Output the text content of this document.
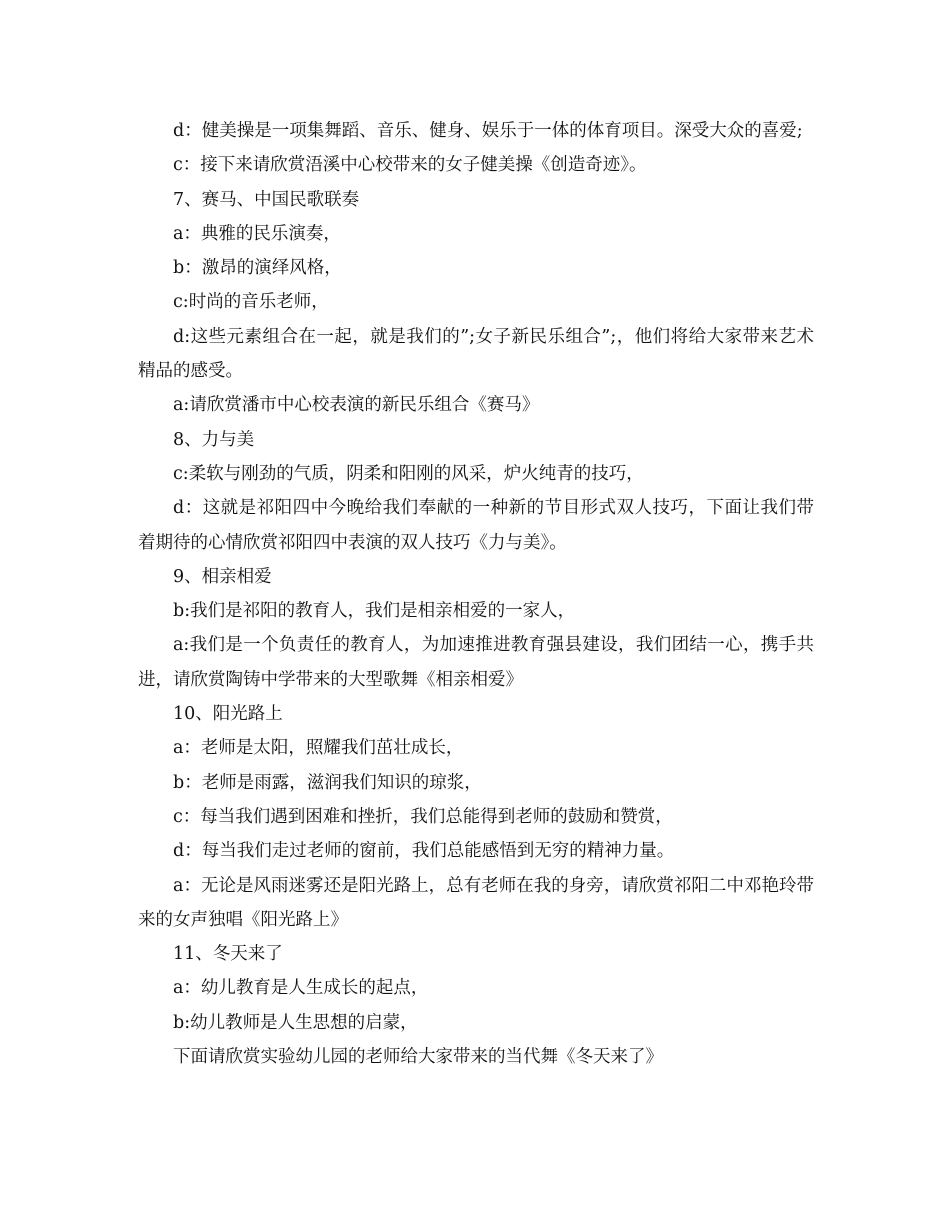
d：健美操是一项集舞蹈、音乐、健身、娱乐于一体的体育项目。深受大众的喜爱;

c：接下来请欣赏浯溪中心校带来的女子健美操《创造奇迹》。

7、赛马、中国民歌联奏

a：典雅的民乐演奏，

b：激昂的演绎风格，

c:时尚的音乐老师，

d:这些元素组合在一起，就是我们的”;女子新民乐组合”;，他们将给大家带来艺术精品的感受。

a:请欣赏潘市中心校表演的新民乐组合《赛马》

8、力与美

c:柔软与刚劲的气质，阴柔和阳刚的风采，炉火纯青的技巧，

d：这就是祁阳四中今晚给我们奉献的一种新的节目形式双人技巧，下面让我们带着期待的心情欣赏祁阳四中表演的双人技巧《力与美》。

9、相亲相爱

b:我们是祁阳的教育人，我们是相亲相爱的一家人，

a:我们是一个负责任的教育人，为加速推进教育强县建设，我们团结一心，携手共进，请欣赏陶铸中学带来的大型歌舞《相亲相爱》

10、阳光路上

a：老师是太阳，照耀我们茁壮成长，

b：老师是雨露，滋润我们知识的琼浆，

c：每当我们遇到困难和挫折，我们总能得到老师的鼓励和赞赏，

d：每当我们走过老师的窗前，我们总能感悟到无穷的精神力量。

a：无论是风雨迷雾还是阳光路上，总有老师在我的身旁，请欣赏祁阳二中邓艳玲带来的女声独唱《阳光路上》

11、冬天来了

a：幼儿教育是人生成长的起点，

b:幼儿教师是人生思想的启蒙，

下面请欣赏实验幼儿园的老师给大家带来的当代舞《冬天来了》
